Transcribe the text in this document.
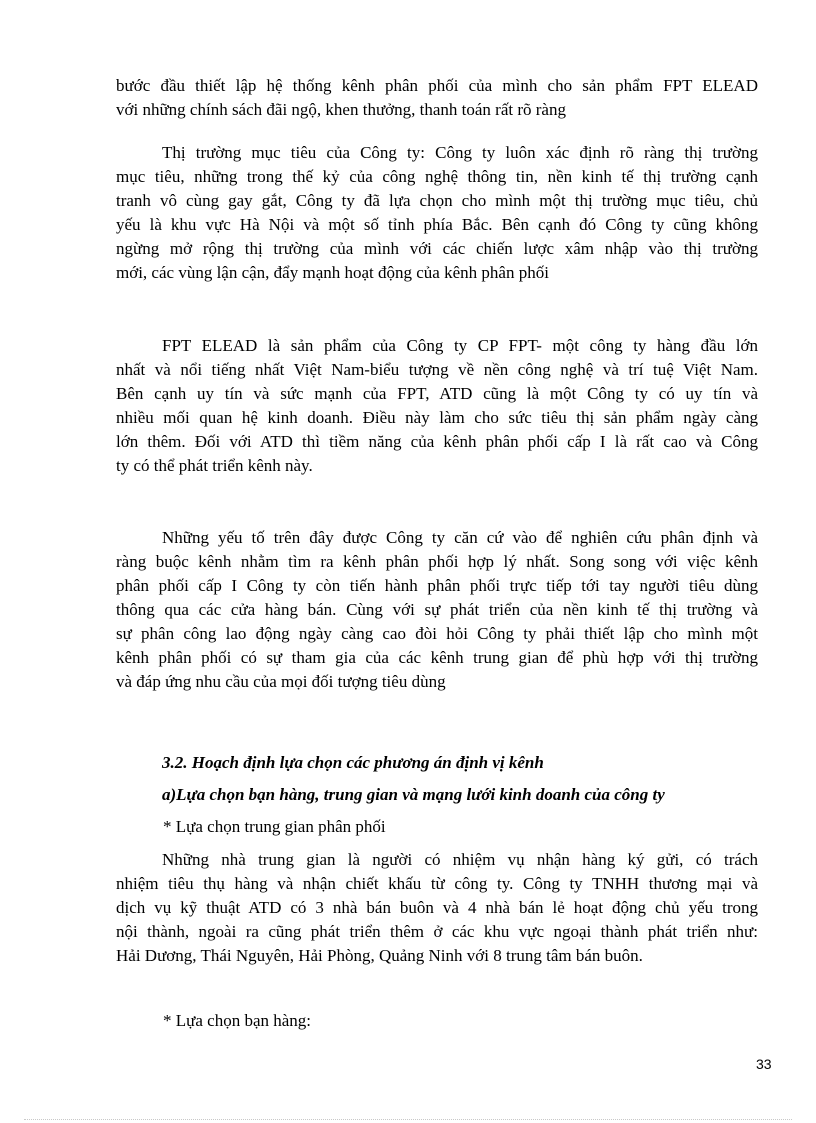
bước đầu thiết lập hệ thống kênh phân phối của mình cho sản phẩm FPT ELEAD
với những chính sách đãi ngộ, khen thưởng, thanh toán rất rõ ràng
Thị trường mục tiêu của Công ty: Công ty luôn xác định rõ ràng thị trường
mục tiêu, những trong thế kỷ của công nghệ thông tin, nền kinh tế thị trường cạnh
tranh vô cùng gay gắt, Công ty đã lựa chọn cho mình một thị trường mục tiêu, chủ
yếu là khu vực Hà Nội và một số tỉnh phía Bắc. Bên cạnh đó Công ty cũng không
ngừng mở rộng thị trường của mình với các chiến lược xâm nhập vào thị trường
mới, các vùng lận cận, đẩy mạnh hoạt động của kênh phân phối
FPT ELEAD là sản phẩm của Công ty CP FPT- một công ty hàng đầu lớn
nhất và nổi tiếng nhất Việt Nam-biểu tượng về nền công nghệ và trí tuệ Việt Nam.
Bên cạnh uy tín và sức mạnh của FPT, ATD cũng là một Công ty có uy tín và
nhiều mối quan hệ kinh doanh. Điều này làm cho sức tiêu thị sản phẩm ngày càng
lớn thêm. Đối với ATD thì tiềm năng của kênh phân phối cấp I là rất cao và Công
ty có thể phát triển kênh này.
Những yếu tố trên đây được Công ty căn cứ vào để nghiên cứu phân định và
ràng buộc kênh nhằm tìm ra kênh phân phối hợp lý nhất. Song song với việc kênh
phân phối cấp I Công ty còn tiến hành phân phối trực tiếp tới tay người tiêu dùng
thông qua các cửa hàng bán. Cùng với sự phát triển của nền kinh tế thị trường và
sự phân công lao động ngày càng cao đòi hỏi Công ty phải thiết lập cho mình một
kênh phân phối có sự tham gia của các kênh trung gian để phù hợp với thị trường
và đáp ứng nhu cầu của mọi đối tượng tiêu dùng
3.2. Hoạch định lựa chọn các phương án định vị kênh
a)Lựa chọn bạn hàng, trung gian và mạng lưới kinh doanh của công ty
* Lựa chọn trung gian phân phối
Những nhà trung gian là người có nhiệm vụ nhận hàng ký gửi, có trách
nhiệm tiêu thụ hàng và nhận chiết khấu từ công ty. Công ty TNHH thương mại và
dịch vụ kỹ thuật ATD có 3 nhà bán buôn và 4 nhà bán lẻ hoạt động chủ yếu trong
nội thành, ngoài ra cũng phát triển thêm ở các khu vực ngoại thành phát triển như:
Hải Dương, Thái Nguyên, Hải Phòng, Quảng Ninh với 8 trung tâm bán buôn.
* Lựa chọn bạn hàng:
33
